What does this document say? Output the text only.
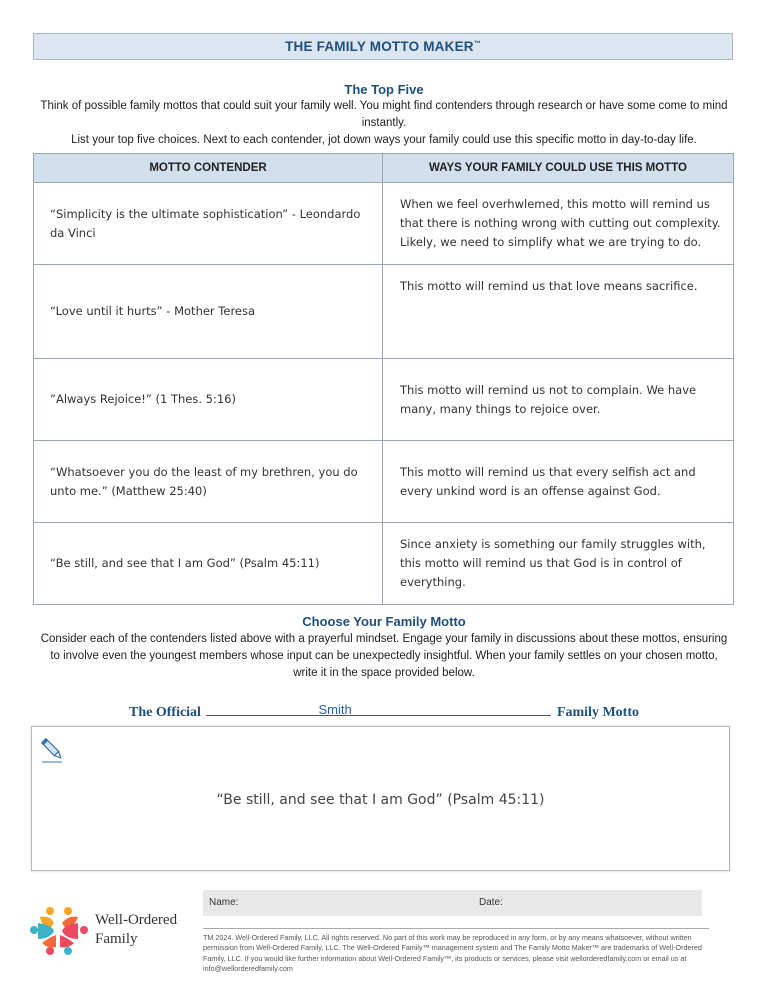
THE FAMILY MOTTO MAKER™
The Top Five
Think of possible family mottos that could suit your family well. You might find contenders through research or have some come to mind instantly.
List your top five choices. Next to each contender, jot down ways your family could use this specific motto in day-to-day life.
MOTTO CONTENDER	WAYS YOUR FAMILY COULD USE THIS MOTTO
“Simplicity is the ultimate sophistication” - Leondardo da Vinci	When we feel overhwlemed, this motto will remind us that there is nothing wrong with cutting out complexity. Likely, we need to simplify what we are trying to do.
“Love until it hurts” - Mother Teresa	This motto will remind us that love means sacrifice.
”Always Rejoice!” (1 Thes. 5:16)	This motto will remind us not to complain. We have many, many things to rejoice over.
“Whatsoever you do the least of my brethren, you do unto me.” (Matthew 25:40)	This motto will remind us that every selfish act and every unkind word is an offense against God.
“Be still, and see that I am God” (Psalm 45:11)	Since anxiety is something our family struggles with, this motto will remind us that God is in control of everything.
Choose Your Family Motto
Consider each of the contenders listed above with a prayerful mindset. Engage your family in discussions about these mottos, ensuring
to involve even the youngest members whose input can be unexpectedly insightful. When your family settles on your chosen motto,
write it in the space provided below.
The Official	Smith	Family Motto
“Be still, and see that I am God” (Psalm 45:11)
Well-Ordered
Family
Name:	Date:
TM 2024. Well-Ordered Family, LLC. All rights reserved. No part of this work may be reproduced in any form, or by any means whatsoever, without written permission from Well-Ordered Family, LLC. The Well-Ordered Family™ management system and The Family Motto Maker™ are trademarks of Well-Ordered Family, LLC. If you would like further information about Well-Ordered Family™, its products or services, please visit wellorderedfamily.com or email us at info@wellorderedfamily.com
